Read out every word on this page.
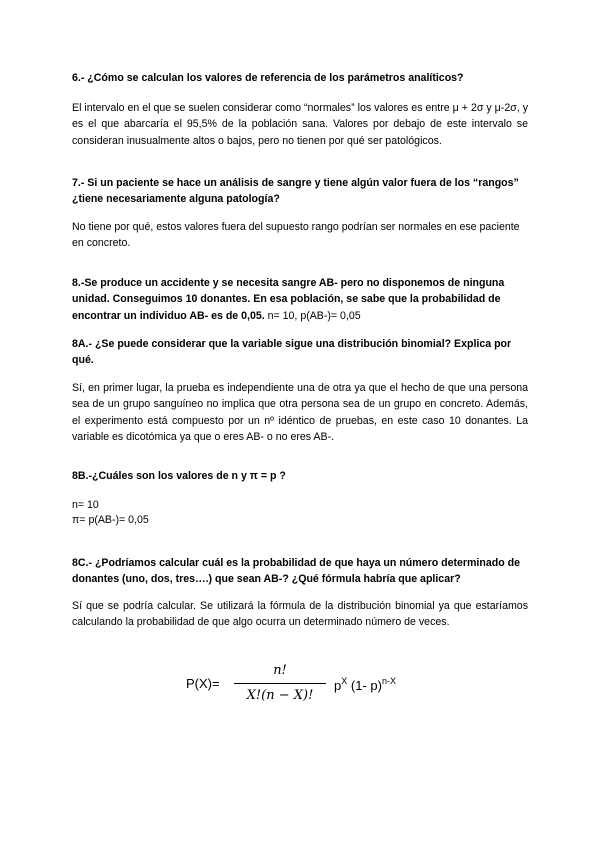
6.- ¿Cómo se calculan los valores de referencia de los parámetros analíticos?

El intervalo en el que se suelen considerar como “normales” los valores es entre μ + 2σ y μ-2σ, y es el que abarcaría el 95,5% de la población sana. Valores por debajo de este intervalo se consideran inusualmente altos o bajos, pero no tienen por qué ser patológicos.

7.- Si un paciente se hace un análisis de sangre y tiene algún valor fuera de los “rangos” ¿tiene necesariamente alguna patología?

No tiene por qué, estos valores fuera del supuesto rango podrían ser normales en ese paciente en concreto.

8.-Se produce un accidente y se necesita sangre AB- pero no disponemos de ninguna unidad. Conseguimos 10 donantes. En esa población, se sabe que la probabilidad de encontrar un individuo AB- es de 0,05. n= 10, p(AB-)= 0,05

8A.- ¿Se puede considerar que la variable sigue una distribución binomial? Explica por qué.

Sí, en primer lugar, la prueba es independiente una de otra ya que el hecho de que una persona sea de un grupo sanguíneo no implica que otra persona sea de un grupo en concreto. Además, el experimento está compuesto por un nº idéntico de pruebas, en este caso 10 donantes. La variable es dicotómica ya que o eres AB- o no eres AB-.

8B.-¿Cuáles son los valores de n y π = p ?

n= 10

π= p(AB-)= 0,05

8C.- ¿Podríamos calcular cuál es la probabilidad de que haya un número determinado de donantes (uno, dos, tres….) que sean AB-? ¿Qué fórmula habría que aplicar?

Sí que se podría calcular. Se utilizará la fórmula de la distribución binomial ya que estaríamos calculando la probabilidad de que algo ocurra un determinado número de veces.

P(X)=
n!
X!(n − X)!
$p^X$ (1- p)$^{n-X}$
